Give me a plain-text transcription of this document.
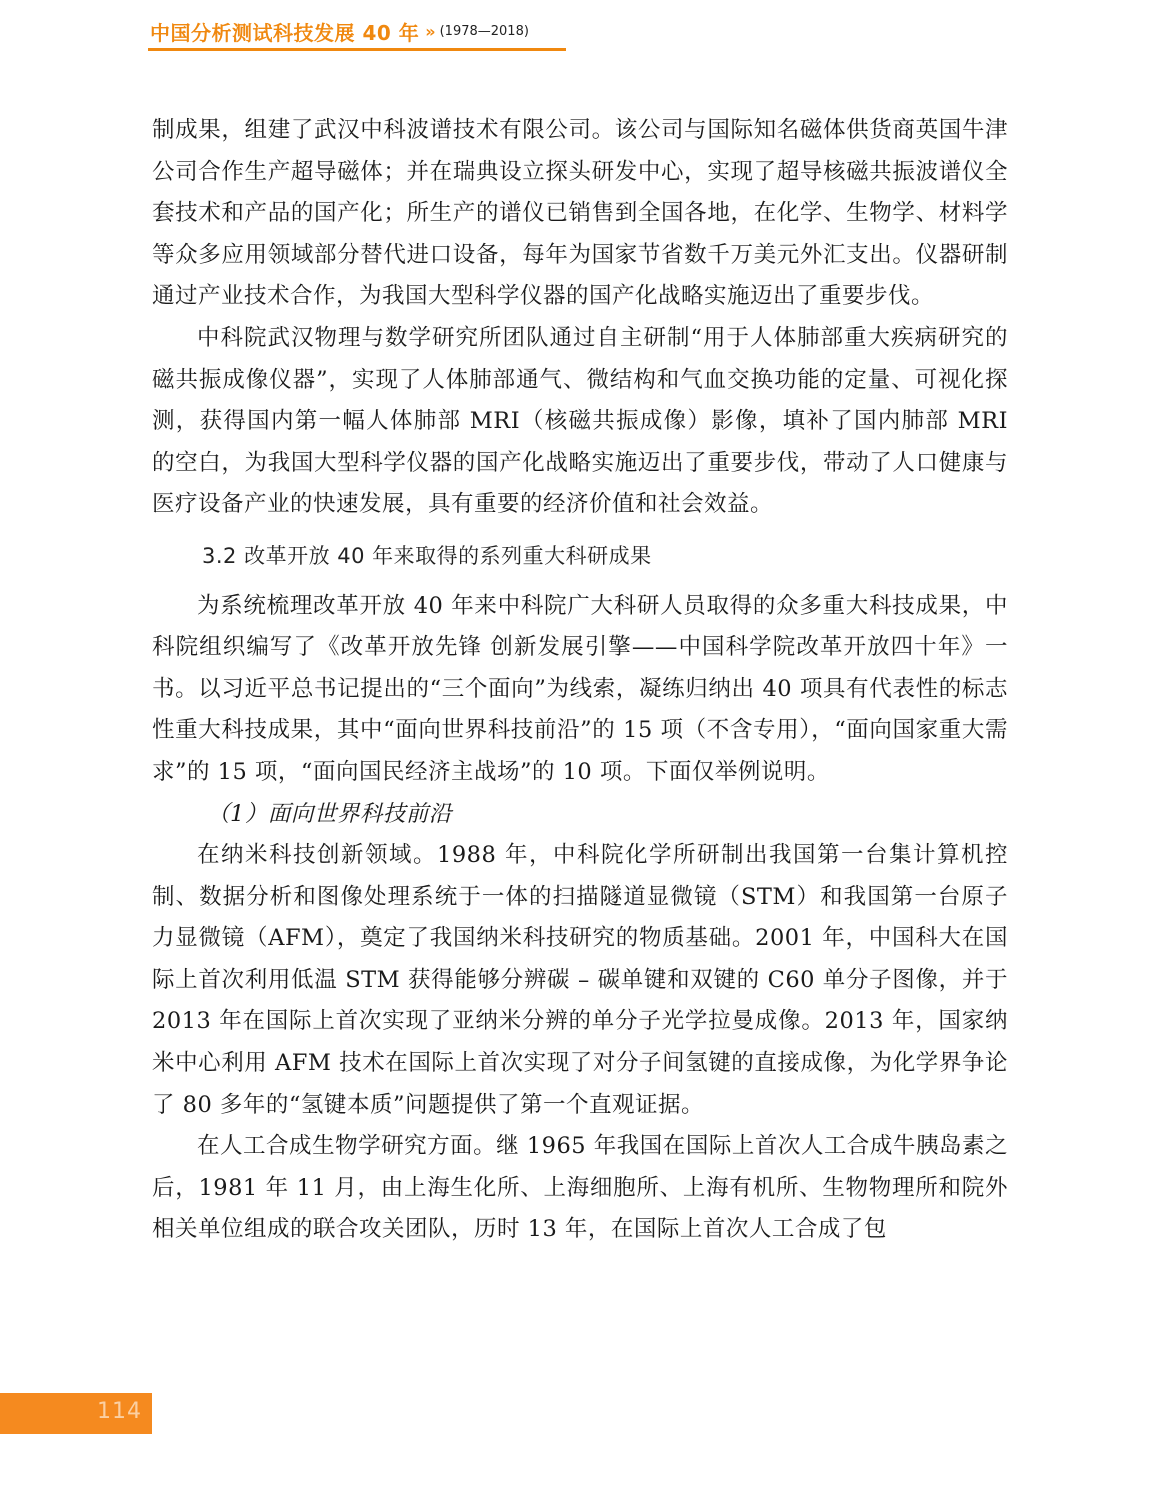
中国分析测试科技发展 40 年 » (1978—2018)

制成果，组建了武汉中科波谱技术有限公司。该公司与国际知名磁体供货商英国牛津公司合作生产超导磁体；并在瑞典设立探头研发中心，实现了超导核磁共振波谱仪全套技术和产品的国产化；所生产的谱仪已销售到全国各地，在化学、生物学、材料学等众多应用领域部分替代进口设备，每年为国家节省数千万美元外汇支出。仪器研制通过产业技术合作，为我国大型科学仪器的国产化战略实施迈出了重要步伐。

中科院武汉物理与数学研究所团队通过自主研制“用于人体肺部重大疾病研究的磁共振成像仪器”，实现了人体肺部通气、微结构和气血交换功能的定量、可视化探测，获得国内第一幅人体肺部 MRI（核磁共振成像）影像，填补了国内肺部 MRI 的空白，为我国大型科学仪器的国产化战略实施迈出了重要步伐，带动了人口健康与医疗设备产业的快速发展，具有重要的经济价值和社会效益。

3.2 改革开放 40 年来取得的系列重大科研成果

为系统梳理改革开放 40 年来中科院广大科研人员取得的众多重大科技成果，中科院组织编写了《改革开放先锋 创新发展引擎——中国科学院改革开放四十年》一书。以习近平总书记提出的“三个面向”为线索，凝练归纳出 40 项具有代表性的标志性重大科技成果，其中“面向世界科技前沿”的 15 项（不含专用），“面向国家重大需求”的 15 项，“面向国民经济主战场”的 10 项。下面仅举例说明。

（1）面向世界科技前沿

在纳米科技创新领域。1988 年，中科院化学所研制出我国第一台集计算机控制、数据分析和图像处理系统于一体的扫描隧道显微镜（STM）和我国第一台原子力显微镜（AFM），奠定了我国纳米科技研究的物质基础。2001 年，中国科大在国际上首次利用低温 STM 获得能够分辨碳 – 碳单键和双键的 C60 单分子图像，并于 2013 年在国际上首次实现了亚纳米分辨的单分子光学拉曼成像。2013 年，国家纳米中心利用 AFM 技术在国际上首次实现了对分子间氢键的直接成像，为化学界争论了 80 多年的“氢键本质”问题提供了第一个直观证据。

在人工合成生物学研究方面。继 1965 年我国在国际上首次人工合成牛胰岛素之后，1981 年 11 月，由上海生化所、上海细胞所、上海有机所、生物物理所和院外相关单位组成的联合攻关团队，历时 13 年，在国际上首次人工合成了包

114
